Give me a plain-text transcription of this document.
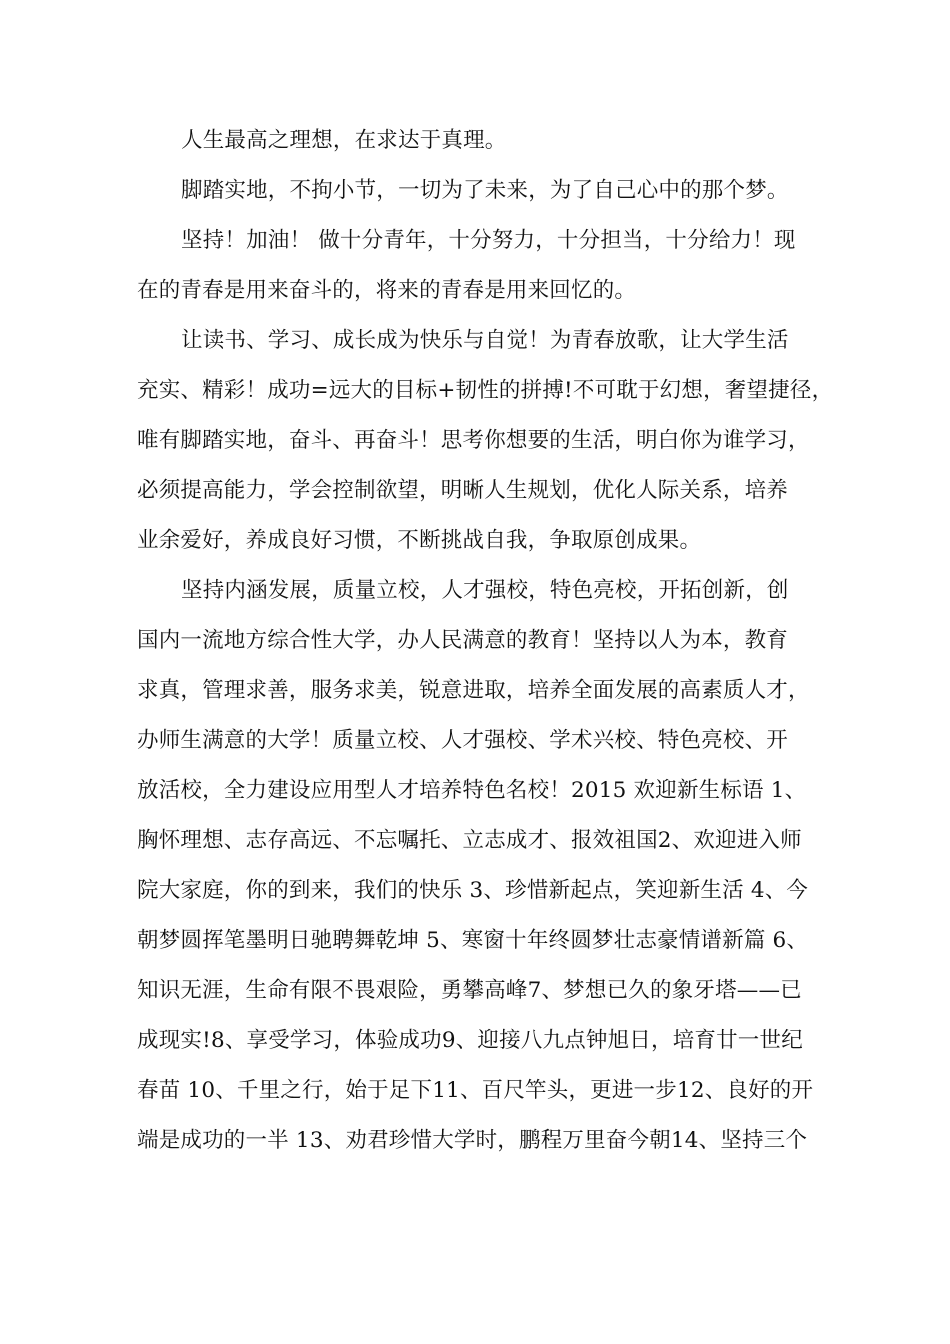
人生最高之理想，在求达于真理。
脚踏实地，不拘小节，一切为了未来，为了自己心中的那个梦。
坚持！加油！ 做十分青年，十分努力，十分担当，十分给力！现
在的青春是用来奋斗的，将来的青春是用来回忆的。
让读书、学习、成长成为快乐与自觉！为青春放歌，让大学生活
充实、精彩！成功=远大的目标+韧性的拼搏!不可耽于幻想，奢望捷径，
唯有脚踏实地，奋斗、再奋斗！思考你想要的生活，明白你为谁学习，
必须提高能力，学会控制欲望，明晰人生规划，优化人际关系，培养
业余爱好，养成良好习惯，不断挑战自我，争取原创成果。
坚持内涵发展，质量立校，人才强校，特色亮校，开拓创新，创
国内一流地方综合性大学，办人民满意的教育！坚持以人为本，教育
求真，管理求善，服务求美，锐意进取，培养全面发展的高素质人才，
办师生满意的大学！质量立校、人才强校、学术兴校、特色亮校、开
放活校，全力建设应用型人才培养特色名校！2015 欢迎新生标语 1、
胸怀理想、志存高远、不忘嘱托、立志成才、报效祖国2、欢迎进入师
院大家庭，你的到来，我们的快乐 3、珍惜新起点，笑迎新生活 4、今
朝梦圆挥笔墨明日驰聘舞乾坤 5、寒窗十年终圆梦壮志豪情谱新篇 6、
知识无涯，生命有限不畏艰险，勇攀高峰7、梦想已久的象牙塔——已
成现实!8、享受学习，体验成功9、迎接八九点钟旭日，培育廿一世纪
春苗 10、千里之行，始于足下11、百尺竿头，更进一步12、良好的开
端是成功的一半 13、劝君珍惜大学时，鹏程万里奋今朝14、坚持三个
